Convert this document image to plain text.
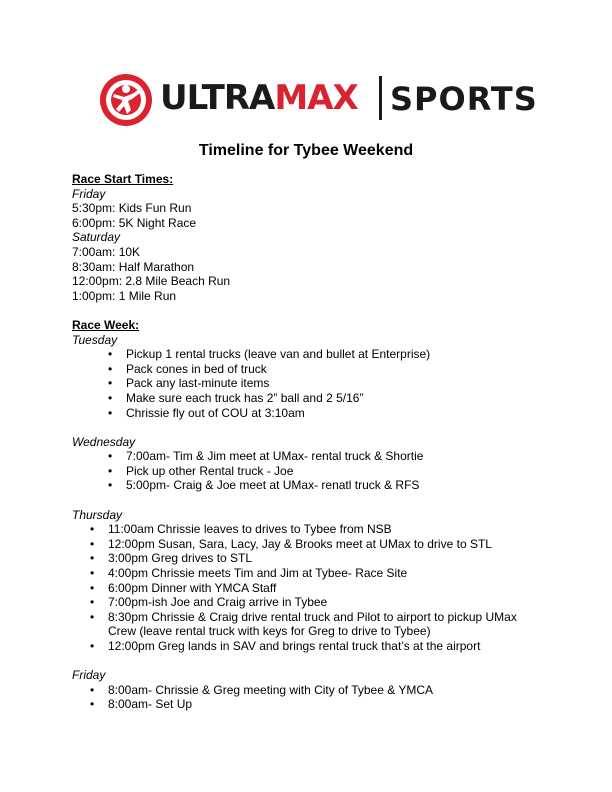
ULTRAMAX SPORTS
Timeline for Tybee Weekend
Race Start Times:
Friday
5:30pm: Kids Fun Run
6:00pm: 5K Night Race
Saturday
7:00am: 10K
8:30am: Half Marathon
12:00pm: 2.8 Mile Beach Run
1:00pm: 1 Mile Run
Race Week:
Tuesday
• Pickup 1 rental trucks (leave van and bullet at Enterprise)
• Pack cones in bed of truck
• Pack any last-minute items
• Make sure each truck has 2” ball and 2 5/16”
• Chrissie fly out of COU at 3:10am
Wednesday
• 7:00am- Tim & Jim meet at UMax- rental truck & Shortie
• Pick up other Rental truck - Joe
• 5:00pm- Craig & Joe meet at UMax- renatl truck & RFS
Thursday
• 11:00am Chrissie leaves to drives to Tybee from NSB
• 12:00pm Susan, Sara, Lacy, Jay & Brooks meet at UMax to drive to STL
• 3:00pm Greg drives to STL
• 4:00pm Chrissie meets Tim and Jim at Tybee- Race Site
• 6:00pm Dinner with YMCA Staff
• 7:00pm-ish Joe and Craig arrive in Tybee
• 8:30pm Chrissie & Craig drive rental truck and Pilot to airport to pickup UMax Crew (leave rental truck with keys for Greg to drive to Tybee)
• 12:00pm Greg lands in SAV and brings rental truck that’s at the airport
Friday
• 8:00am- Chrissie & Greg meeting with City of Tybee & YMCA
• 8:00am- Set Up
